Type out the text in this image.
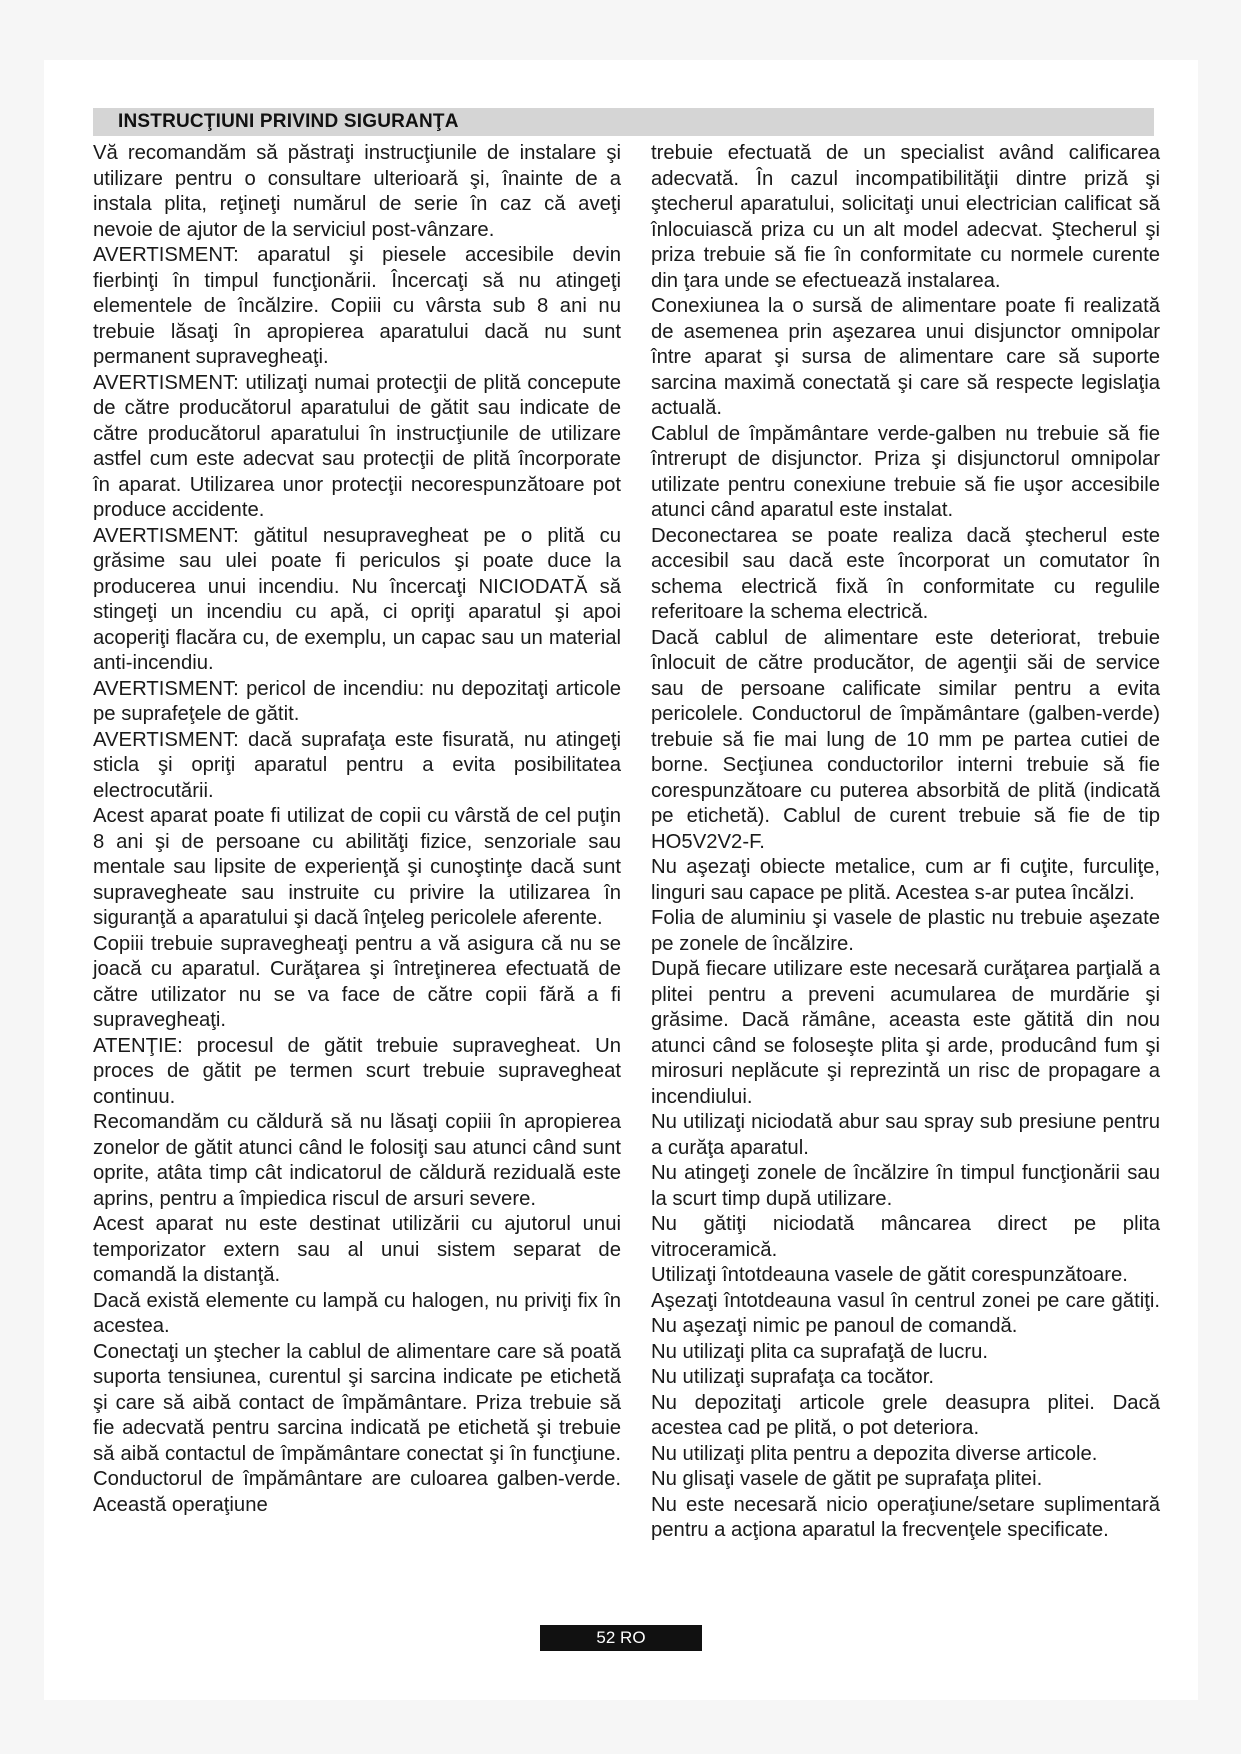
INSTRUCŢIUNI PRIVIND SIGURANŢA

Vă recomandăm să păstraţi instrucţiunile de instalare şi utilizare pentru o consultare ulterioară şi, înainte de a instala plita, reţineţi numărul de serie în caz că aveţi nevoie de ajutor de la serviciul post-vânzare.

AVERTISMENT: aparatul şi piesele accesibile devin fierbinţi în timpul funcţionării. Încercaţi să nu atingeţi elementele de încălzire. Copiii cu vârsta sub 8 ani nu trebuie lăsaţi în apropierea aparatului dacă nu sunt permanent supravegheaţi.

AVERTISMENT: utilizaţi numai protecţii de plită concepute de către producătorul aparatului de gătit sau indicate de către producătorul aparatului în instrucţiunile de utilizare astfel cum este adecvat sau protecţii de plită încorporate în aparat. Utilizarea unor protecţii necorespunzătoare pot produce accidente.

AVERTISMENT: gătitul nesupravegheat pe o plită cu grăsime sau ulei poate fi periculos şi poate duce la producerea unui incendiu. Nu încercaţi NICIODATĂ să stingeţi un incendiu cu apă, ci opriţi aparatul şi apoi acoperiţi flacăra cu, de exemplu, un capac sau un material anti-incendiu.

AVERTISMENT: pericol de incendiu: nu depozitaţi articole pe suprafeţele de gătit.

AVERTISMENT: dacă suprafaţa este fisurată, nu atingeţi sticla şi opriţi aparatul pentru a evita posibilitatea electrocutării.

Acest aparat poate fi utilizat de copii cu vârstă de cel puţin 8 ani şi de persoane cu abilităţi fizice, senzoriale sau mentale sau lipsite de experienţă şi cunoştinţe dacă sunt supravegheate sau instruite cu privire la utilizarea în siguranţă a aparatului şi dacă înţeleg pericolele aferente.

Copiii trebuie supravegheaţi pentru a vă asigura că nu se joacă cu aparatul. Curăţarea şi întreţinerea efectuată de către utilizator nu se va face de către copii fără a fi supravegheaţi.

ATENŢIE: procesul de gătit trebuie supravegheat. Un proces de gătit pe termen scurt trebuie supravegheat continuu.

Recomandăm cu căldură să nu lăsaţi copiii în apropierea zonelor de gătit atunci când le folosiţi sau atunci când sunt oprite, atâta timp cât indicatorul de căldură reziduală este aprins, pentru a împiedica riscul de arsuri severe.

Acest aparat nu este destinat utilizării cu ajutorul unui temporizator extern sau al unui sistem separat de comandă la distanţă.

Dacă există elemente cu lampă cu halogen, nu priviţi fix în acestea.

Conectaţi un ştecher la cablul de alimentare care să poată suporta tensiunea, curentul şi sarcina indicate pe etichetă şi care să aibă contact de împământare. Priza trebuie să fie adecvată pentru sarcina indicată pe etichetă şi trebuie să aibă contactul de împământare conectat şi în funcţiune. Conductorul de împământare are culoarea galben-verde. Această operaţiune

trebuie efectuată de un specialist având calificarea adecvată. În cazul incompatibilităţii dintre priză şi ştecherul aparatului, solicitaţi unui electrician calificat să înlocuiască priza cu un alt model adecvat. Ştecherul şi priza trebuie să fie în conformitate cu normele curente din ţara unde se efectuează instalarea.

Conexiunea la o sursă de alimentare poate fi realizată de asemenea prin aşezarea unui disjunctor omnipolar între aparat şi sursa de alimentare care să suporte sarcina maximă conectată şi care să respecte legislaţia actuală.

Cablul de împământare verde-galben nu trebuie să fie întrerupt de disjunctor. Priza şi disjunctorul omnipolar utilizate pentru conexiune trebuie să fie uşor accesibile atunci când aparatul este instalat.

Deconectarea se poate realiza dacă ştecherul este accesibil sau dacă este încorporat un comutator în schema electrică fixă în conformitate cu regulile referitoare la schema electrică.

Dacă cablul de alimentare este deteriorat, trebuie înlocuit de către producător, de agenţii săi de service sau de persoane calificate similar pentru a evita pericolele. Conductorul de împământare (galben-verde) trebuie să fie mai lung de 10 mm pe partea cutiei de borne. Secţiunea conductorilor interni trebuie să fie corespunzătoare cu puterea absorbită de plită (indicată pe etichetă). Cablul de curent trebuie să fie de tip HO5V2V2-F.

Nu aşezaţi obiecte metalice, cum ar fi cuţite, furculiţe, linguri sau capace pe plită. Acestea s-ar putea încălzi.

Folia de aluminiu şi vasele de plastic nu trebuie aşezate pe zonele de încălzire.

După fiecare utilizare este necesară curăţarea parţială a plitei pentru a preveni acumularea de murdărie şi grăsime. Dacă rămâne, aceasta este gătită din nou atunci când se foloseşte plita şi arde, producând fum şi mirosuri neplăcute şi reprezintă un risc de propagare a incendiului.

Nu utilizaţi niciodată abur sau spray sub presiune pentru a curăţa aparatul.

Nu atingeţi zonele de încălzire în timpul funcţionării sau la scurt timp după utilizare.

Nu gătiţi niciodată mâncarea direct pe plita vitroceramică.

Utilizaţi întotdeauna vasele de gătit corespunzătoare.

Aşezaţi întotdeauna vasul în centrul zonei pe care gătiţi. Nu aşezaţi nimic pe panoul de comandă.

Nu utilizaţi plita ca suprafaţă de lucru.

Nu utilizaţi suprafaţa ca tocător.

Nu depozitaţi articole grele deasupra plitei. Dacă acestea cad pe plită, o pot deteriora.

Nu utilizaţi plita pentru a depozita diverse articole.

Nu glisaţi vasele de gătit pe suprafaţa plitei.

Nu este necesară nicio operaţiune/setare suplimentară pentru a acţiona aparatul la frecvenţele specificate.

52 RO
